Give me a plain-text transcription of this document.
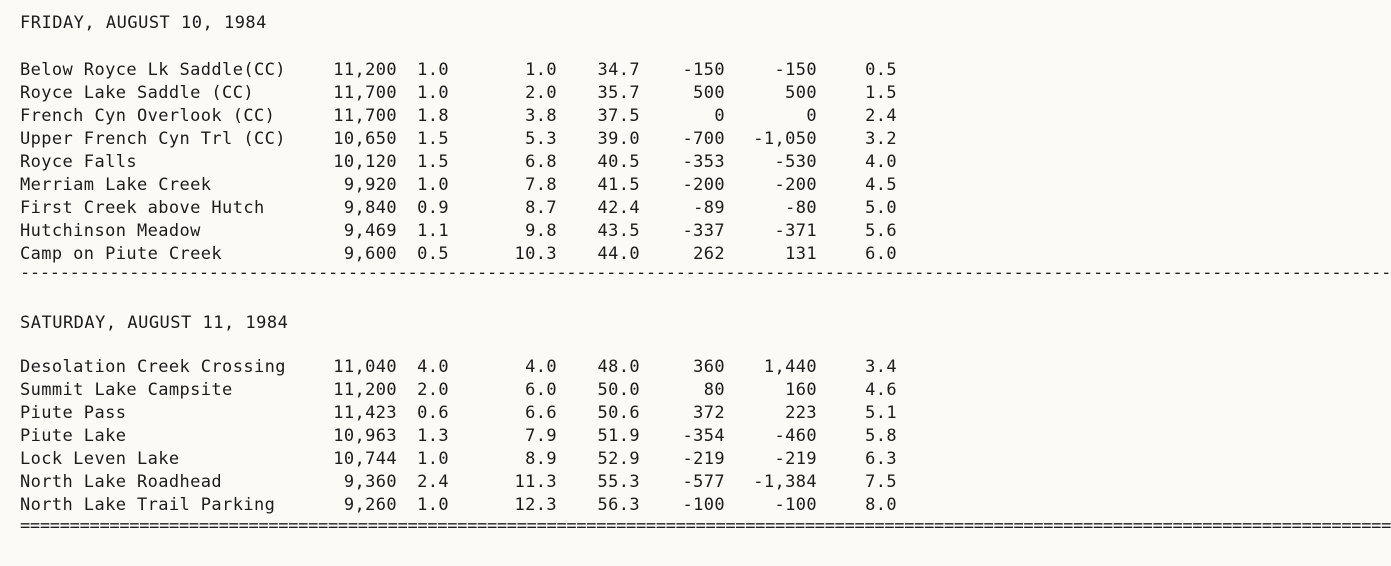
FRIDAY, AUGUST 10, 1984
Below Royce Lk Saddle(CC)	11,200 1.0	1.0 34.7 -150	-150	0.5
Royce Lake Saddle (CC)	11,700 1.0	2.0 35.7	500	500	1.5
French Cyn Overlook (CC)	11,700 1.8	3.8 37.5	0	0	2.4
Upper French Cyn Trl (CC)	10,650 1.5	5.3 39.0 -700 -1,050	3.2
Royce Falls	10,120 1.5	6.8 40.5 -353	-530	4.0
Merriam Lake Creek	9,920 1.0	7.8 41.5 -200	-200	4.5
First Creek above Hutch	9,840 0.9	8.7 42.4	-89	-80	5.0
Hutchinson Meadow	9,469 1.1	9.8 43.5 -337	-371	5.6
Camp on Piute Creek	9,600 0.5	10.3 44.0	262	131	6.0
------------------------------------------------------------------------------------------------------------------------------------------
SATURDAY, AUGUST 11, 1984
Desolation Creek Crossing	11,040 4.0	4.0 48.0	360 1,440	3.4
Summit Lake Campsite	11,200 2.0	6.0 50.0	80	160	4.6
Piute Pass	11,423 0.6	6.6 50.6	372	223	5.1
Piute Lake	10,963 1.3	7.9 51.9 -354	-460	5.8
Lock Leven Lake	10,744 1.0	8.9 52.9 -219	-219	6.3
North Lake Roadhead	9,360 2.4	11.3 55.3 -577 -1,384	7.5
North Lake Trail Parking	9,260 1.0	12.3 56.3 -100	-100	8.0
==========================================================================================================================================
